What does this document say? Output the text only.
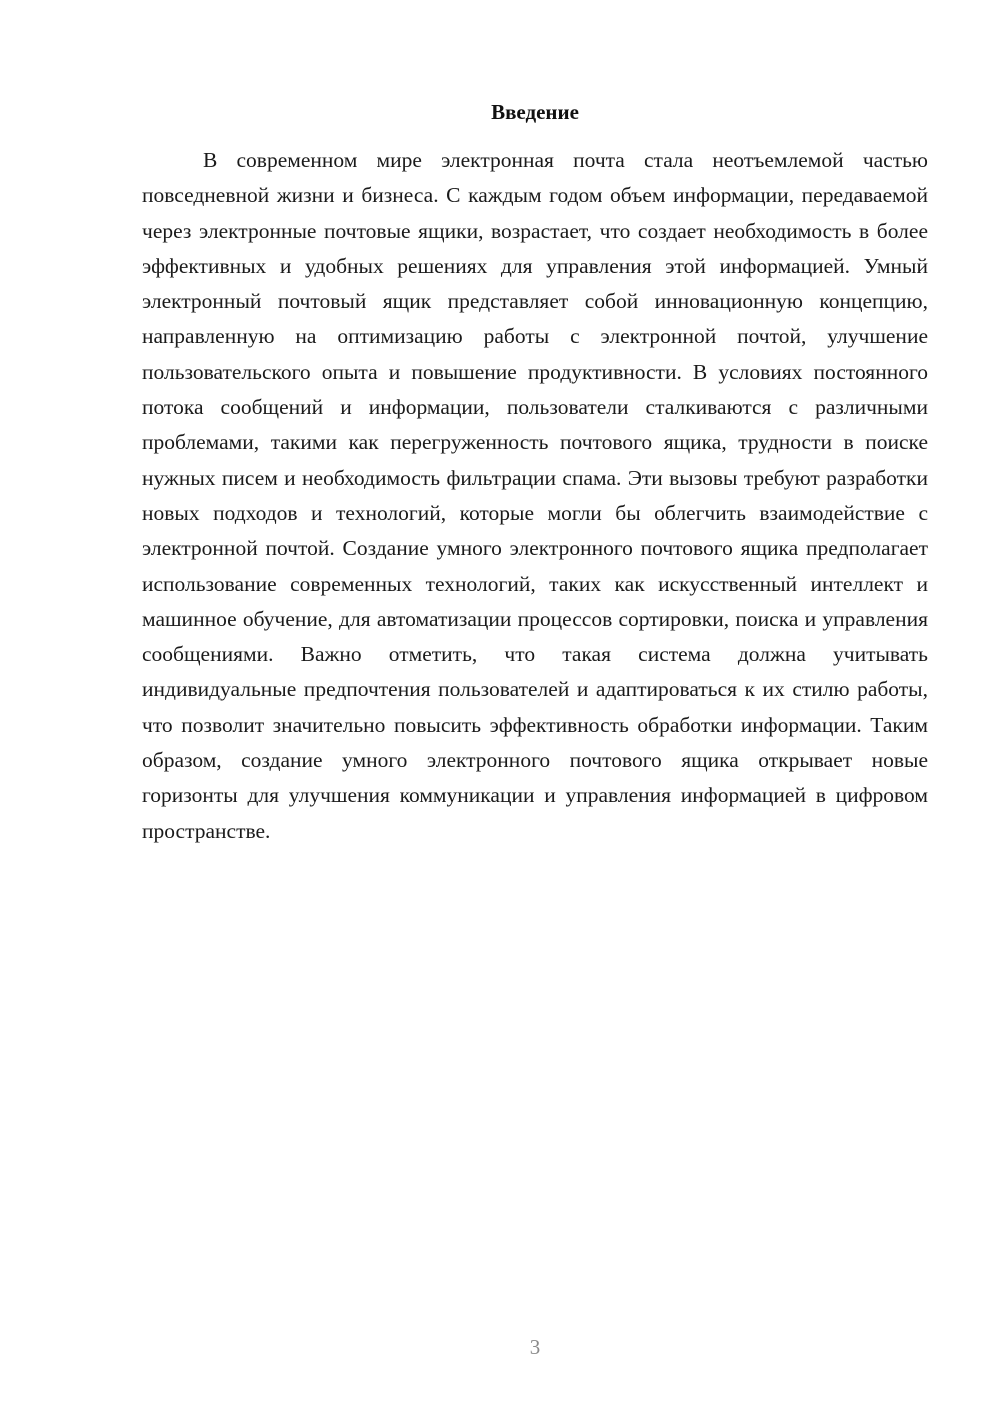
Введение

В современном мире электронная почта стала неотъемлемой частью повседневной жизни и бизнеса. С каждым годом объем информации, передаваемой через электронные почтовые ящики, возрастает, что создает необходимость в более эффективных и удобных решениях для управления этой информацией. Умный электронный почтовый ящик представляет собой инновационную концепцию, направленную на оптимизацию работы с электронной почтой, улучшение пользовательского опыта и повышение продуктивности. В условиях постоянного потока сообщений и информации, пользователи сталкиваются с различными проблемами, такими как перегруженность почтового ящика, трудности в поиске нужных писем и необходимость фильтрации спама. Эти вызовы требуют разработки новых подходов и технологий, которые могли бы облегчить взаимодействие с электронной почтой. Создание умного электронного почтового ящика предполагает использование современных технологий, таких как искусственный интеллект и машинное обучение, для автоматизации процессов сортировки, поиска и управления сообщениями. Важно отметить, что такая система должна учитывать индивидуальные предпочтения пользователей и адаптироваться к их стилю работы, что позволит значительно повысить эффективность обработки информации. Таким образом, создание умного электронного почтового ящика открывает новые горизонты для улучшения коммуникации и управления информацией в цифровом пространстве.

3
